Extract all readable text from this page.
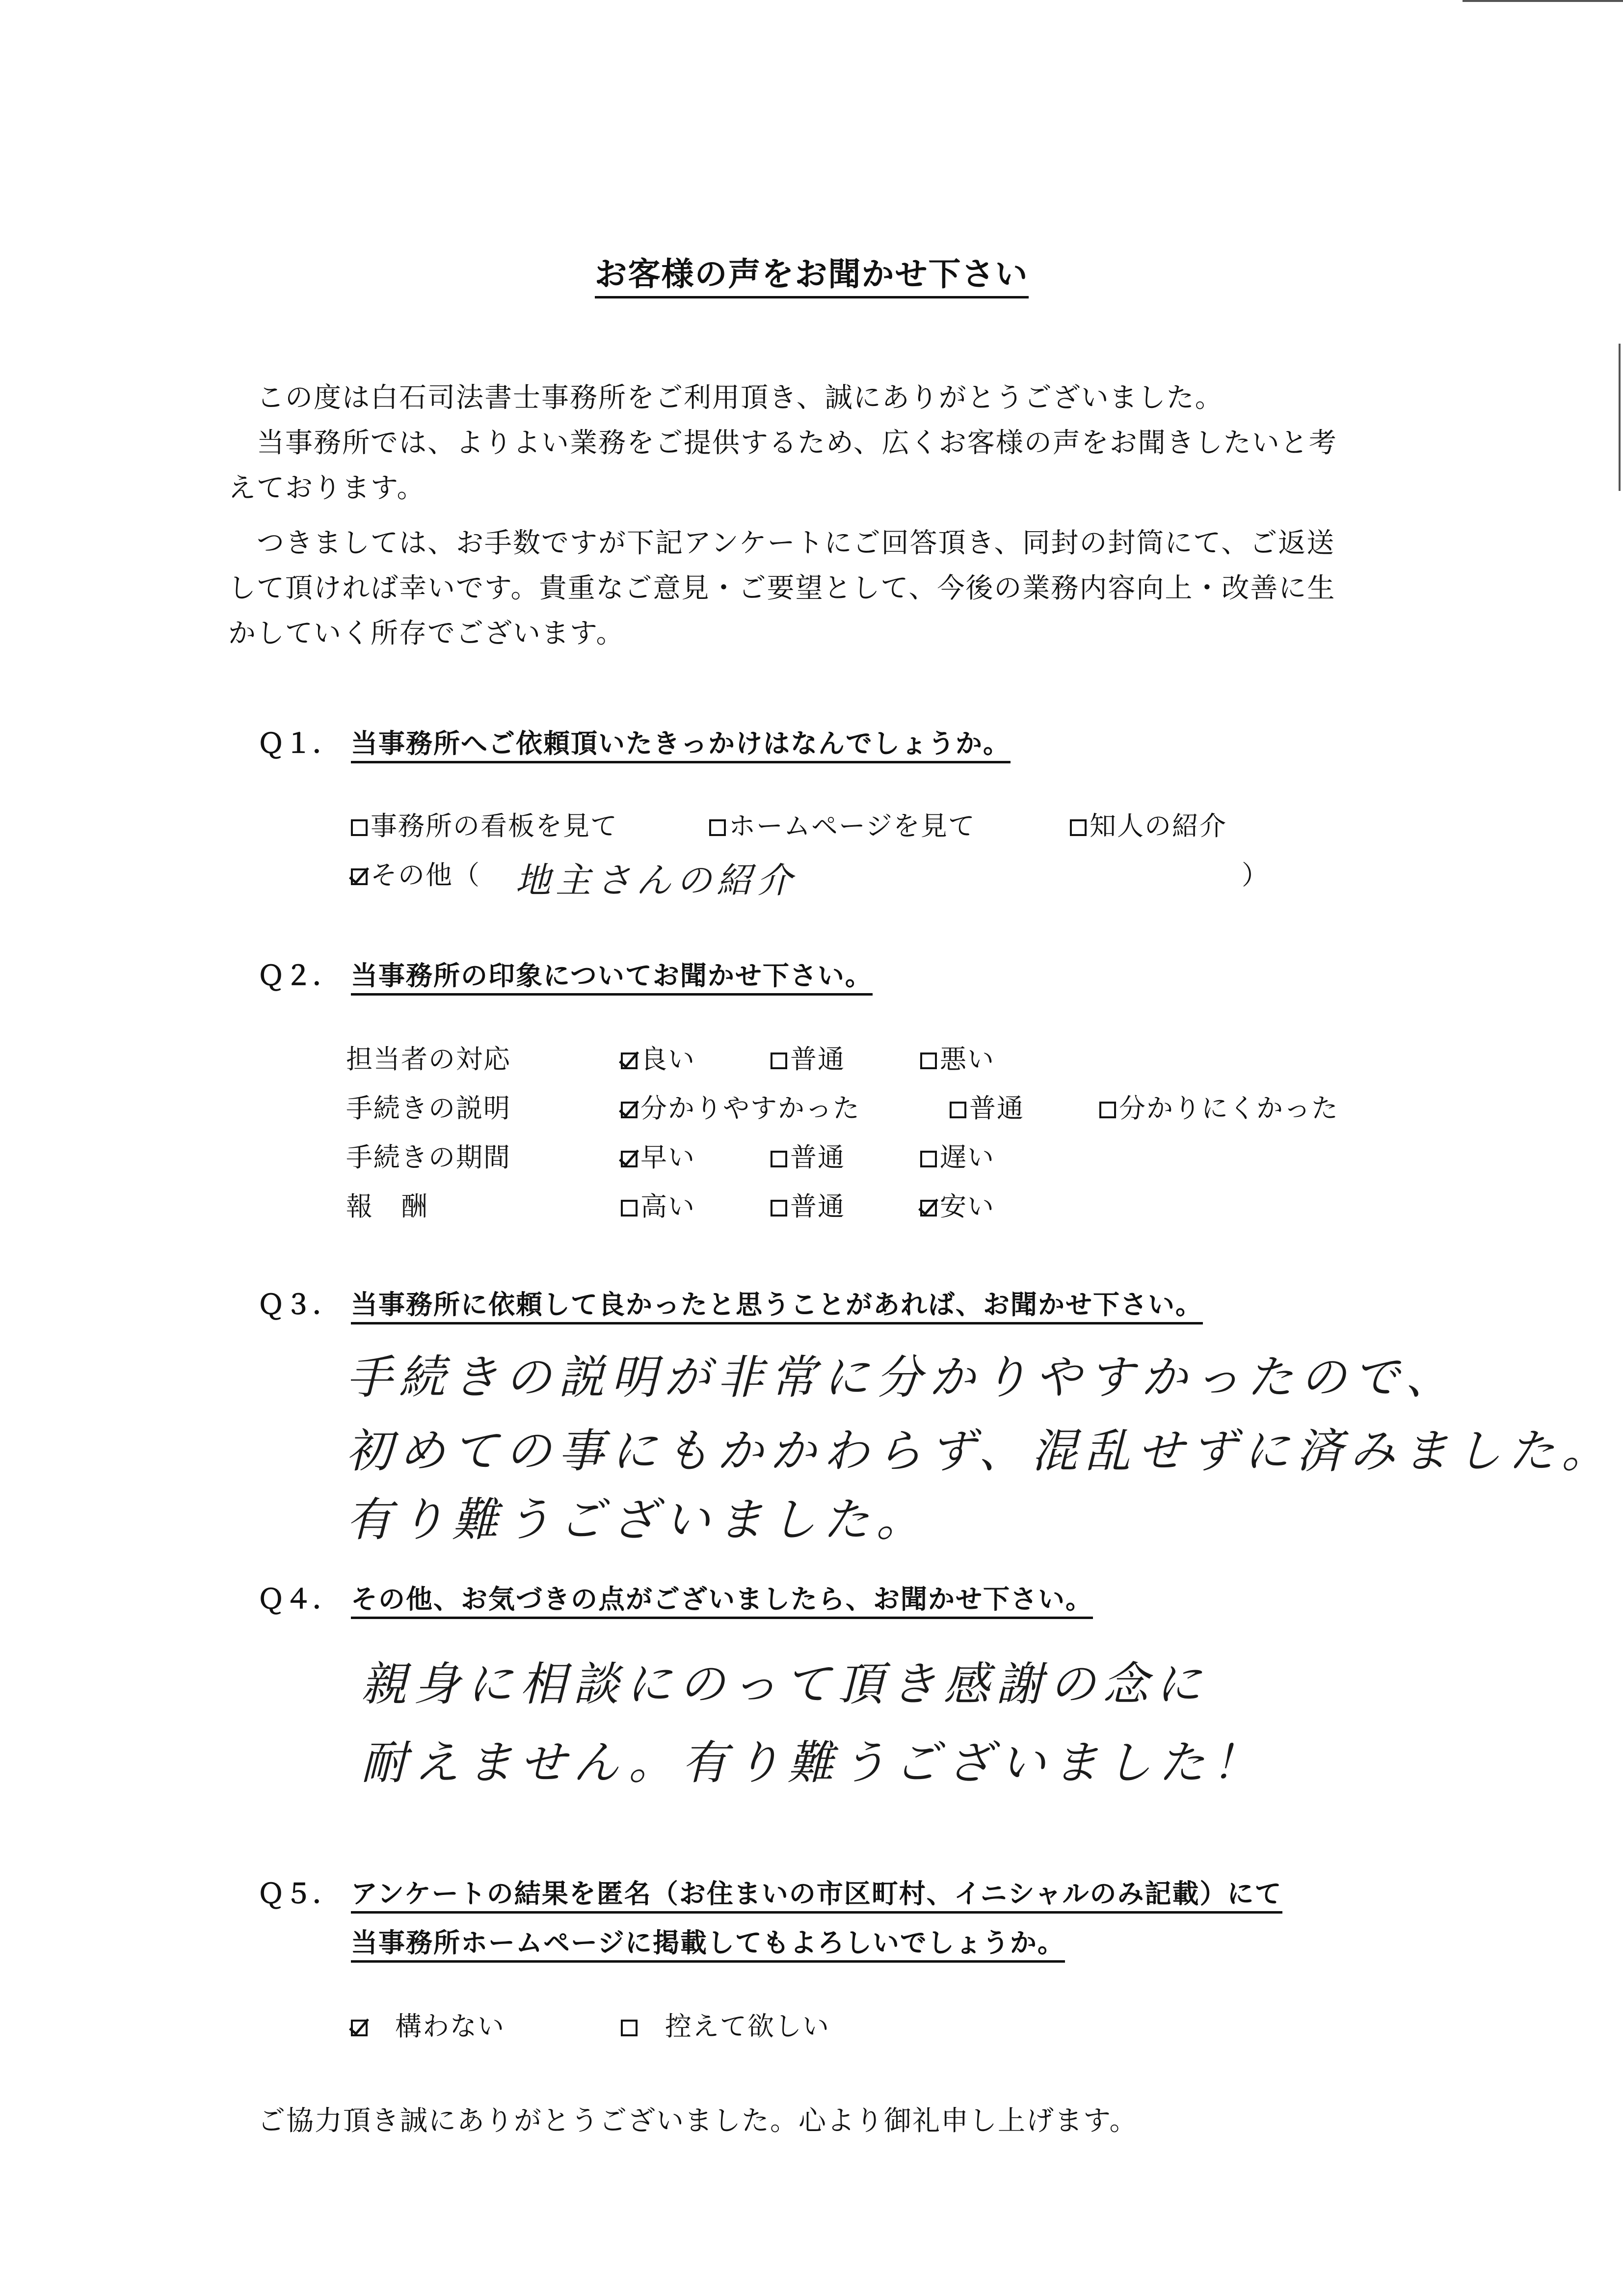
お客様の声をお聞かせ下さい
　この度は白石司法書士事務所をご利用頂き、誠にありがとうございました。
　当事務所では、よりよい業務をご提供するため、広くお客様の声をお聞きしたいと考
えております。
　つきましては、お手数ですが下記アンケートにご回答頂き、同封の封筒にて、ご返送
して頂ければ幸いです。貴重なご意見・ご要望として、今後の業務内容向上・改善に生
かしていく所存でございます。
Ｑ１． 当事務所へご依頼頂いたきっかけはなんでしょうか。
事務所の看板を見て	ホームページを見て	知人の紹介
その他（ 地主さんの紹介	）
Ｑ２． 当事務所の印象についてお聞かせ下さい。
担当者の対応	良い	普通	悪い
手続きの説明	分かりやすかった	普通	分かりにくかった
手続きの期間	早い	普通	遅い
報　酬	高い	普通	安い
Ｑ３． 当事務所に依頼して良かったと思うことがあれば、お聞かせ下さい。
手続きの説明が非常に分かりやすかったので、
初めての事にもかかわらず、混乱せずに済みました。
有り難うございました。
Ｑ４． その他、お気づきの点がございましたら、お聞かせ下さい。
親身に相談にのって頂き感謝の念に
耐えません。有り難うございました！
Ｑ５． アンケートの結果を匿名（お住まいの市区町村、イニシャルのみ記載）にて
当事務所ホームページに掲載してもよろしいでしょうか。
構わない	控えて欲しい
ご協力頂き誠にありがとうございました。心より御礼申し上げます。
